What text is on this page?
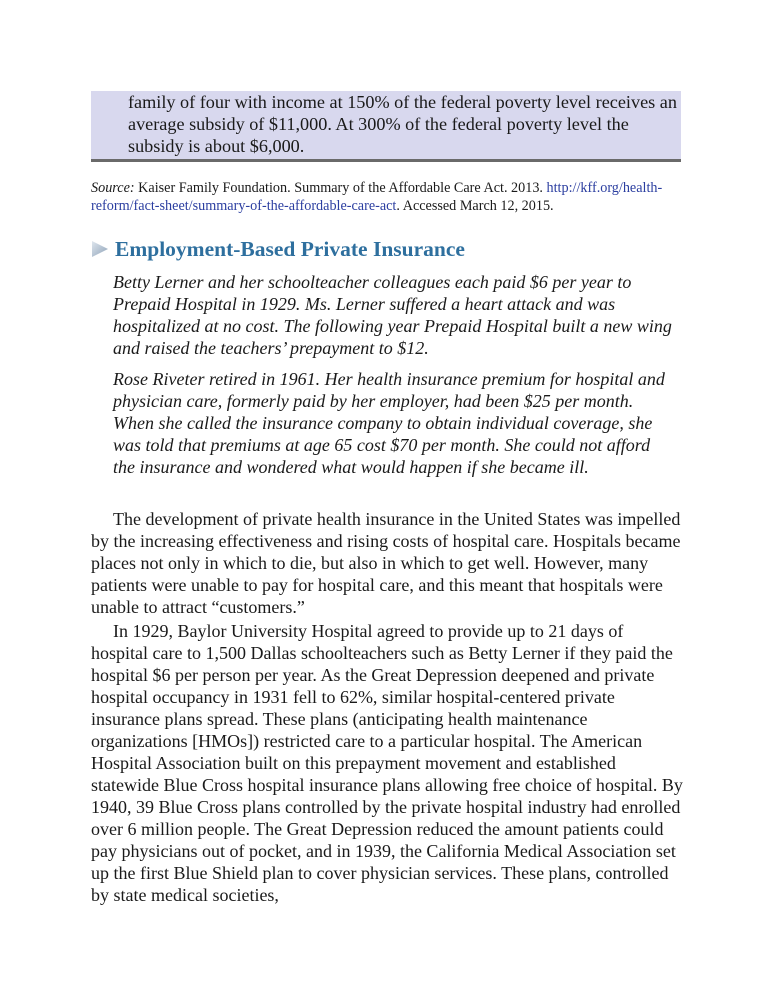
family of four with income at 150% of the federal poverty level receives an average subsidy of $11,000. At 300% of the federal poverty level the subsidy is about $6,000.

Source: Kaiser Family Foundation. Summary of the Affordable Care Act. 2013. http://kff.org/health-reform/fact-sheet/summary-of-the-affordable-care-act. Accessed March 12, 2015.

Employment-Based Private Insurance

Betty Lerner and her schoolteacher colleagues each paid $6 per year to Prepaid Hospital in 1929. Ms. Lerner suffered a heart attack and was hospitalized at no cost. The following year Prepaid Hospital built a new wing and raised the teachers’ prepayment to $12.

Rose Riveter retired in 1961. Her health insurance premium for hospital and physician care, formerly paid by her employer, had been $25 per month. When she called the insurance company to obtain individual coverage, she was told that premiums at age 65 cost $70 per month. She could not afford the insurance and wondered what would happen if she became ill.

The development of private health insurance in the United States was impelled by the increasing effectiveness and rising costs of hospital care. Hospitals became places not only in which to die, but also in which to get well. However, many patients were unable to pay for hospital care, and this meant that hospitals were unable to attract “customers.”

In 1929, Baylor University Hospital agreed to provide up to 21 days of hospital care to 1,500 Dallas schoolteachers such as Betty Lerner if they paid the hospital $6 per person per year. As the Great Depression deepened and private hospital occupancy in 1931 fell to 62%, similar hospital-centered private insurance plans spread. These plans (anticipating health maintenance organizations [HMOs]) restricted care to a particular hospital. The American Hospital Association built on this prepayment movement and established statewide Blue Cross hospital insurance plans allowing free choice of hospital. By 1940, 39 Blue Cross plans controlled by the private hospital industry had enrolled over 6 million people. The Great Depression reduced the amount patients could pay physicians out of pocket, and in 1939, the California Medical Association set up the first Blue Shield plan to cover physician services. These plans, controlled by state medical societies,
